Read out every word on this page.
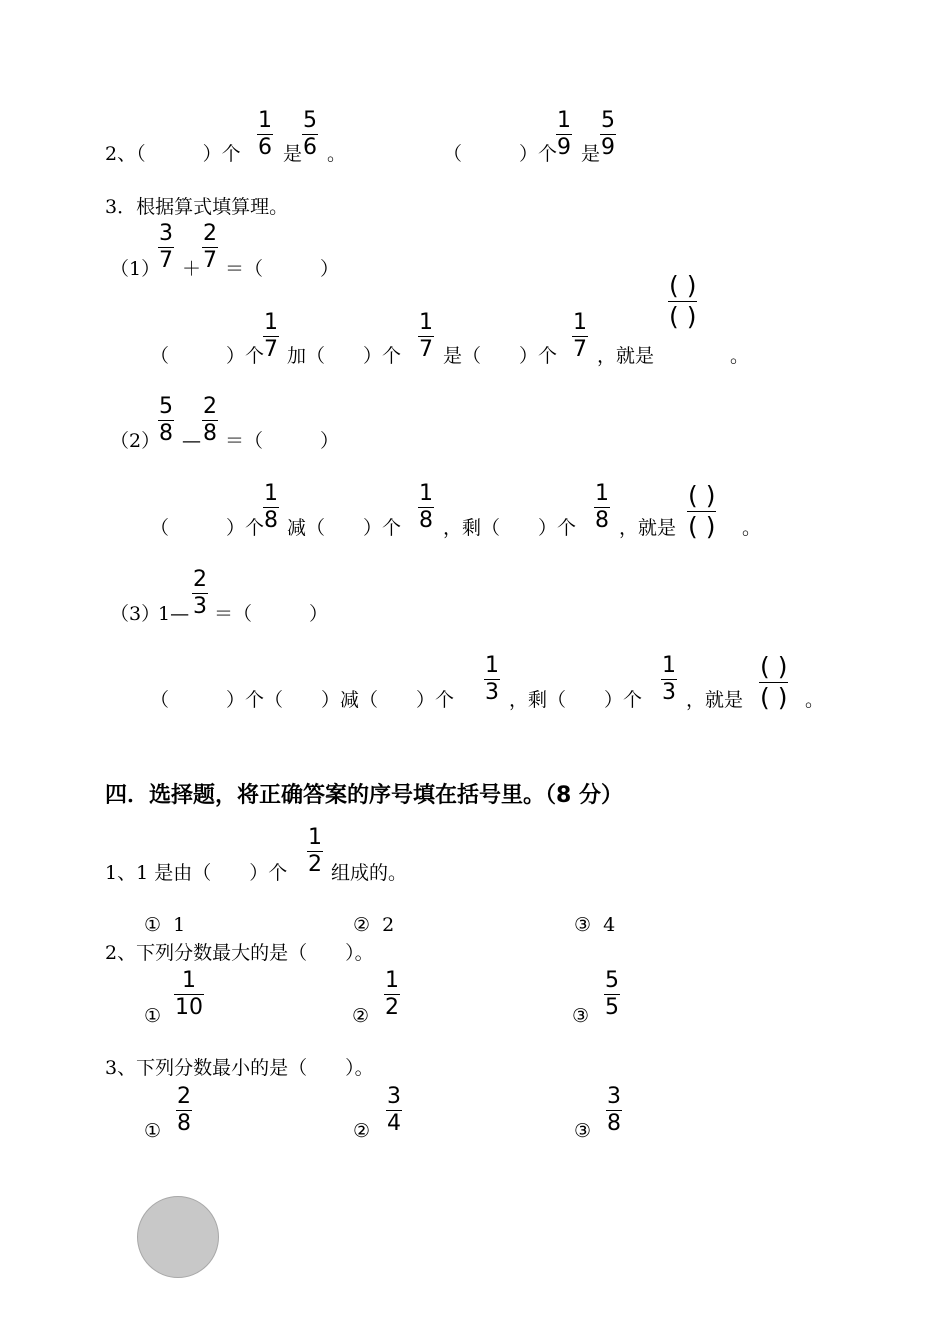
2、（　　　）个
1
6 是
5
6 。	（　　　）个
1
9 是
5
9
3．根据算式填算理。
（1）
3
7 ＋
2
7 ＝（　　　）
（　　　）个
1
7 加（　　）个
1
7 是（　　）个
1
7 ，就是
( )
( )
。
（2）
5
8 —
2
8 ＝（　　　）
（　　　）个
1
8 减（　　）个
1
8 ，剩（　　）个
1
8 ，就是
( )
( ) 。
（3）
1—
2
3 ＝（　　　）
（　　　）个（　　）减（　　）个
1
3 ，剩（　　）个
1
3 ，就是
( )
( ) 。
四．选择题，将正确答案的序号填在括号里。（8 分）
1、1 是由（　　）个
1
2 组成的。
①  1	②  2	③  4
2、下列分数最大的是（　　）。
①
1
10	②
1
2	③
5
5
3、下列分数最小的是（　　）。
①
2
8	②
3
4	③
3
8
